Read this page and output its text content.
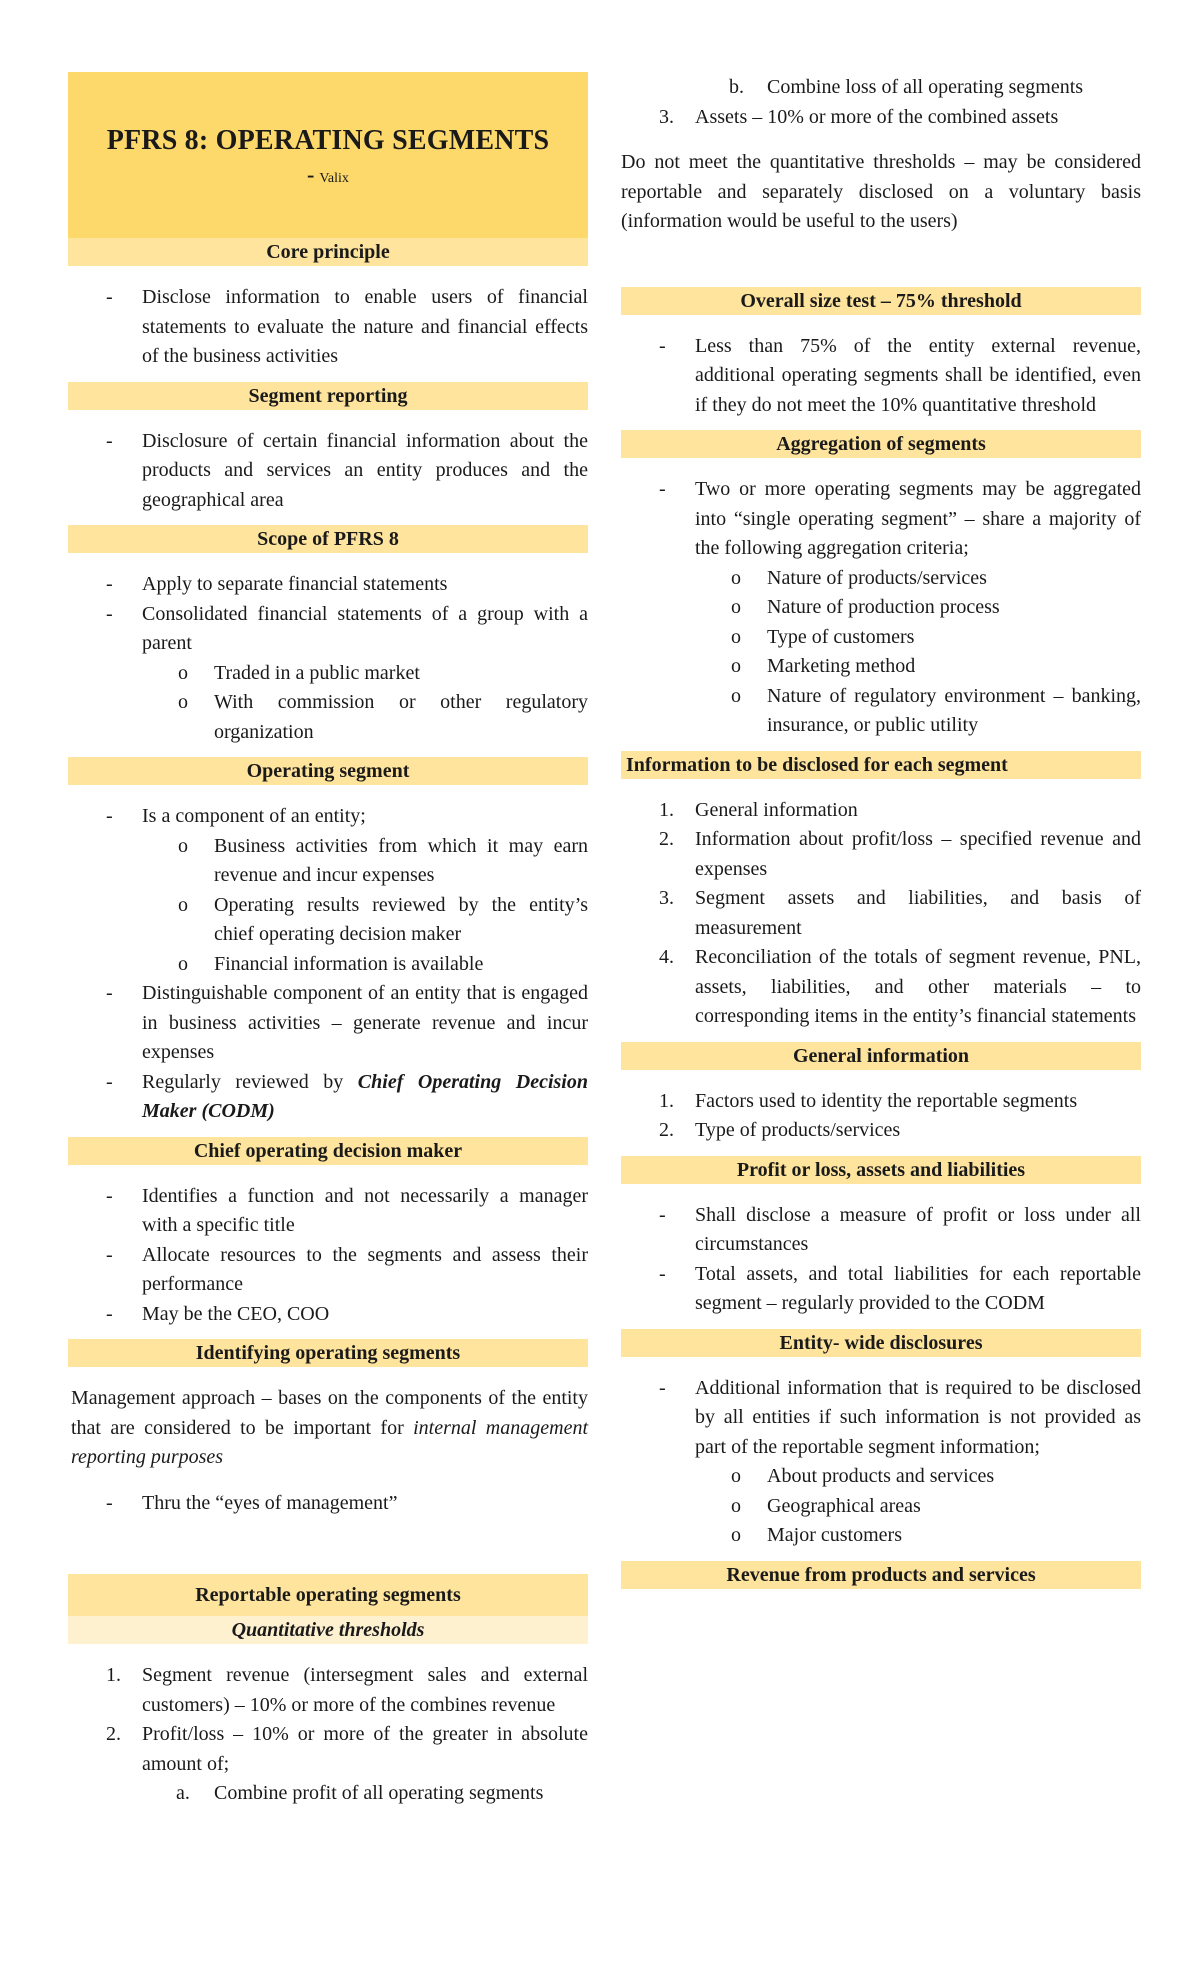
PFRS 8: OPERATING SEGMENTS
- Valix
Core principle
- Disclose information to enable users of financial statements to evaluate the nature and financial effects of the business activities
Segment reporting
- Disclosure of certain financial information about the products and services an entity produces and the geographical area
Scope of PFRS 8
- Apply to separate financial statements
- Consolidated financial statements of a group with a parent
o Traded in a public market
o With commission or other regulatory organization
Operating segment
- Is a component of an entity;
o Business activities from which it may earn revenue and incur expenses
o Operating results reviewed by the entity’s chief operating decision maker
o Financial information is available
- Distinguishable component of an entity that is engaged in business activities – generate revenue and incur expenses
- Regularly reviewed by Chief Operating Decision Maker (CODM)
Chief operating decision maker
- Identifies a function and not necessarily a manager with a specific title
- Allocate resources to the segments and assess their performance
- May be the CEO, COO
Identifying operating segments

Management approach – bases on the components of the entity that are considered to be important for internal management reporting purposes

- Thru the “eyes of management”
Reportable operating segments
Quantitative thresholds
1. Segment revenue (intersegment sales and external customers) – 10% or more of the combines revenue
2. Profit/loss – 10% or more of the greater in absolute amount of;
a. Combine profit of all operating segments
b. Combine loss of all operating segments
3. Assets – 10% or more of the combined assets

Do not meet the quantitative thresholds – may be considered reportable and separately disclosed on a voluntary basis (information would be useful to the users)

Overall size test – 75% threshold
- Less than 75% of the entity external revenue, additional operating segments shall be identified, even if they do not meet the 10% quantitative threshold
Aggregation of segments
- Two or more operating segments may be aggregated into “single operating segment” – share a majority of the following aggregation criteria;
o Nature of products/services
o Nature of production process
o Type of customers
o Marketing method
o Nature of regulatory environment – banking, insurance, or public utility
Information to be disclosed for each segment
1. General information
2. Information about profit/loss – specified revenue and expenses
3. Segment assets and liabilities, and basis of measurement
4. Reconciliation of the totals of segment revenue, PNL, assets, liabilities, and other materials – to corresponding items in the entity’s financial statements
General information
1. Factors used to identity the reportable segments
2. Type of products/services
Profit or loss, assets and liabilities
- Shall disclose a measure of profit or loss under all circumstances
- Total assets, and total liabilities for each reportable segment – regularly provided to the CODM
Entity- wide disclosures
- Additional information that is required to be disclosed by all entities if such information is not provided as part of the reportable segment information;
o About products and services
o Geographical areas
o Major customers
Revenue from products and services
